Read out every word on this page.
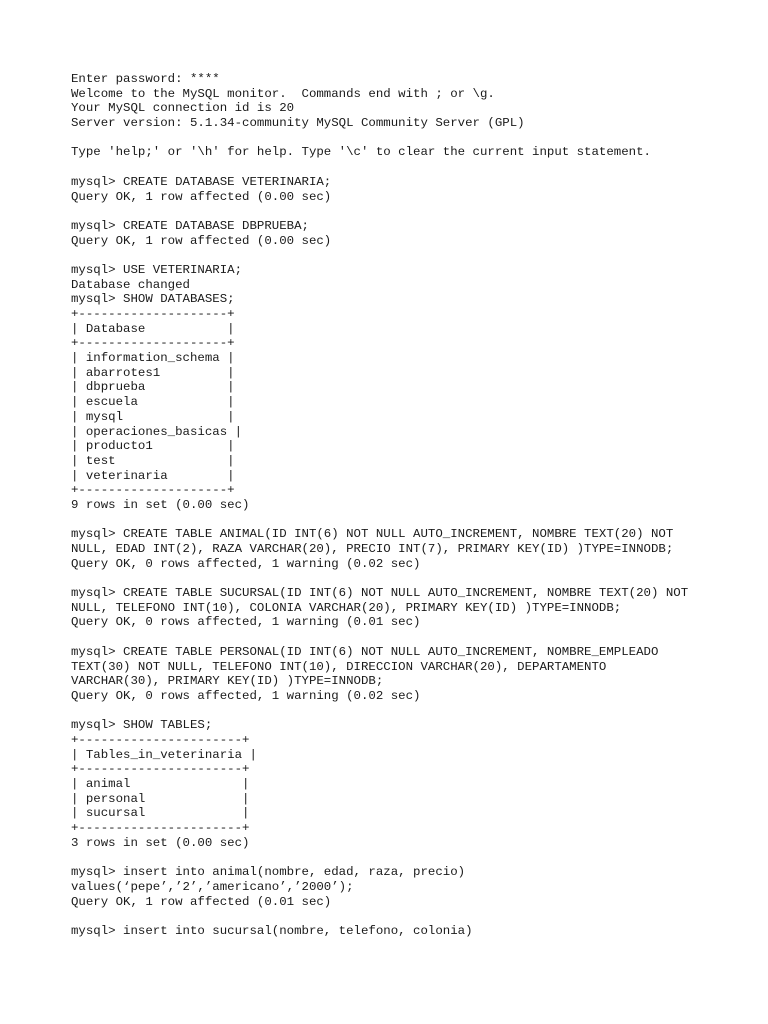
Enter password: ****
Welcome to the MySQL monitor.  Commands end with ; or \g.
Your MySQL connection id is 20
Server version: 5.1.34-community MySQL Community Server (GPL)
Type 'help;' or '\h' for help. Type '\c' to clear the current input statement.
mysql> CREATE DATABASE VETERINARIA;
Query OK, 1 row affected (0.00 sec)
mysql> CREATE DATABASE DBPRUEBA;
Query OK, 1 row affected (0.00 sec)
mysql> USE VETERINARIA;
Database changed
mysql> SHOW DATABASES;
+--------------------+
| Database           |
+--------------------+
| information_schema |
| abarrotes1         |
| dbprueba           |
| escuela            |
| mysql              |
| operaciones_basicas |
| producto1          |
| test               |
| veterinaria        |
+--------------------+
9 rows in set (0.00 sec)
mysql> CREATE TABLE ANIMAL(ID INT(6) NOT NULL AUTO_INCREMENT, NOMBRE TEXT(20) NOT
NULL, EDAD INT(2), RAZA VARCHAR(20), PRECIO INT(7), PRIMARY KEY(ID) )TYPE=INNODB;
Query OK, 0 rows affected, 1 warning (0.02 sec)
mysql> CREATE TABLE SUCURSAL(ID INT(6) NOT NULL AUTO_INCREMENT, NOMBRE TEXT(20) NOT
NULL, TELEFONO INT(10), COLONIA VARCHAR(20), PRIMARY KEY(ID) )TYPE=INNODB;
Query OK, 0 rows affected, 1 warning (0.01 sec)
mysql> CREATE TABLE PERSONAL(ID INT(6) NOT NULL AUTO_INCREMENT, NOMBRE_EMPLEADO
TEXT(30) NOT NULL, TELEFONO INT(10), DIRECCION VARCHAR(20), DEPARTAMENTO
VARCHAR(30), PRIMARY KEY(ID) )TYPE=INNODB;
Query OK, 0 rows affected, 1 warning (0.02 sec)
mysql> SHOW TABLES;
+----------------------+
| Tables_in_veterinaria |
+----------------------+
| animal               |
| personal             |
| sucursal             |
+----------------------+
3 rows in set (0.00 sec)
mysql> insert into animal(nombre, edad, raza, precio)
values(‘pepe’,’2’,’americano’,’2000’);
Query OK, 1 row affected (0.01 sec)
mysql> insert into sucursal(nombre, telefono, colonia)
